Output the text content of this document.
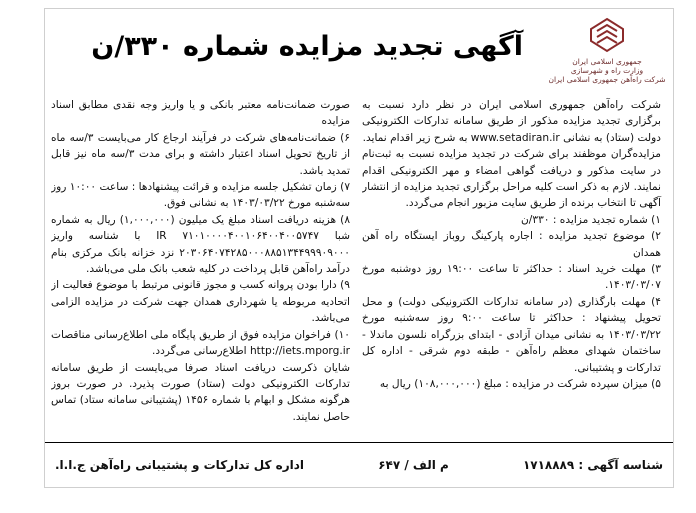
جمهوری اسلامی ایران
وزارت راه و شهرسازی
شرکت راه‌آهن جمهوری اسلامی ایران
آگهی تجدید مزایده شماره ۳۳۰/ن

شرکت راه‌آهن جمهوری اسلامی ایران در نظر دارد نسبت به برگزاری تجدید مزایده مذکور از طریق سامانه تدارکات الکترونیکی دولت (ستاد) به نشانی www.setadiran.ir به شرح زیر اقدام نماید.

مزایده‌گران موظفند برای شرکت در تجدید مزایده نسبت به ثبت‌نام در سایت مذکور و دریافت گواهی امضاء و مهر الکترونیکی اقدام نمایند. لازم به ذکر است کلیه مراحل برگزاری تجدید مزایده از انتشار آگهی تا انتخاب برنده از طریق سایت مزبور انجام می‌گردد.

۱) شماره تجدید مزایده : ۳۳۰/ن

۲) موضوع تجدید مزایده : اجاره پارکینگ روباز ایستگاه راه آهن همدان

۳) مهلت خرید اسناد : حداکثر تا ساعت ۱۹:۰۰ روز دوشنبه مورخ ۱۴۰۳/۰۳/۰۷.

۴) مهلت بارگذاری (در سامانه تدارکات الکترونیکی دولت) و محل تحویل پیشنهاد : حداکثر تا ساعت ۹:۰۰ روز سه‌شنبه مورخ ۱۴۰۳/۰۳/۲۲ به نشانی میدان آزادی - ابتدای بزرگراه نلسون ماندلا - ساختمان شهدای معظم راه‌آهن - طبقه دوم شرقی - اداره کل تدارکات و پشتیبانی.

۵) میزان سپرده شرکت در مزایده : مبلغ (۱۰۸,۰۰۰,۰۰۰) ریال به

صورت ضمانت‌نامه معتبر بانکی و یا واریز وجه نقدی مطابق اسناد مزایده

۶) ضمانت‌نامه‌های شرکت در فرآیند ارجاع کار می‌بایست ۳/سه ماه از تاریخ تحویل اسناد اعتبار داشته و برای مدت ۳/سه ماه نیز قابل تمدید باشد.

۷) زمان تشکیل جلسه مزایده و قرائت پیشنهادها : ساعت ۱۰:۰۰ روز سه‌شنبه مورخ ۱۴۰۳/۰۳/۲۲ به نشانی فوق.

۸) هزینه دریافت اسناد مبلغ یک میلیون (۱,۰۰۰,۰۰۰) ریال به شماره شبا IR ۷۱۰۱۰۰۰۰۴۰۰۱۰۶۴۰۰۴۰۰۵۷۴۷ با شناسه واریز ۲۰۳۰۶۴۰۷۴۲۸۵۰۰۰۸۸۵۱۳۴۴۹۹۹۰۹۰۰۰ نزد خزانه بانک مرکزی بنام درآمد راه‌آهن قابل پرداخت در کلیه شعب بانک ملی می‌باشد.

۹) دارا بودن پروانه کسب و مجوز قانونی مرتبط با موضوع فعالیت از اتحادیه مربوطه یا شهرداری همدان جهت شرکت در مزایده الزامی می‌باشد.

۱۰) فراخوان مزایده فوق از طریق پایگاه ملی اطلاع‌رسانی مناقصات http://iets.mporg.ir اطلاع‌رسانی می‌گردد.

شایان ذکرست دریافت اسناد صرفا می‌بایست از طریق سامانه تدارکات الکترونیکی دولت (ستاد) صورت پذیرد. در صورت بروز هرگونه مشکل و ابهام با شماره ۱۴۵۶ (پشتیبانی سامانه ستاد) تماس حاصل نمایند.

شناسه آگهی : ۱۷۱۸۸۸۹
م الف / ۶۴۷
اداره کل تدارکات و پشتیبانی راه‌آهن ج.ا.ا.
